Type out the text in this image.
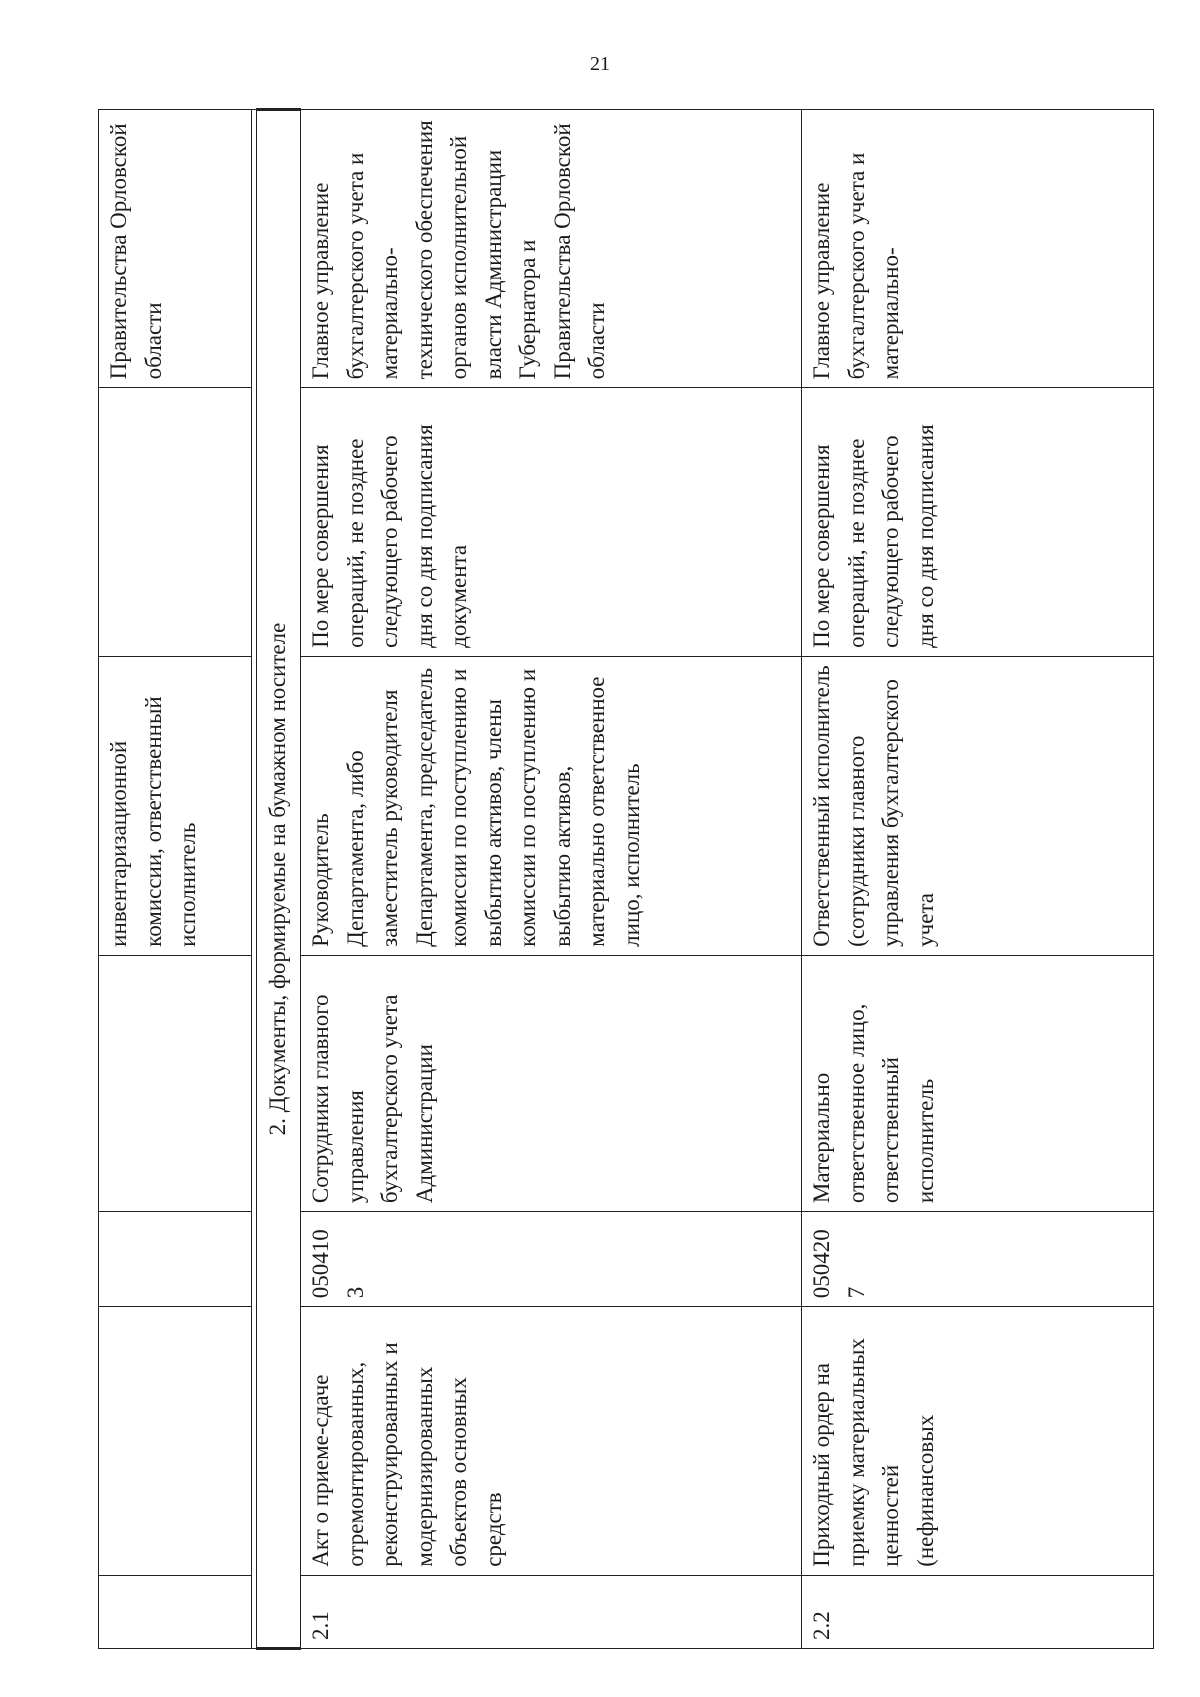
21
				инвентаризационной комиссии, ответственный исполнитель		Правительства Орловской области

2. Документы, формируемые на бумажном носителе						
2.1	Акт о приеме-сдаче отремонтированных, реконструированных и модернизированных объектов основных средств	0504103	Сотрудники главного управления бухгалтерского учета Администрации	Руководитель Департамента, либо заместитель руководителя Департамента, председатель комиссии по поступлению и выбытию активов, члены комиссии по поступлению и выбытию активов, материально ответственное лицо, исполнитель	По мере совершения операций, не позднее следующего рабочего дня со дня подписания документа	Главное управление бухгалтерского учета и материально-технического обеспечения органов исполнительной власти Администрации Губернатора и Правительства Орловской области
2.2	Приходный ордер на приемку материальных ценностей (нефинансовых	0504207	Материально ответственное лицо, ответственный исполнитель	Ответственный исполнитель (сотрудники главного управления бухгалтерского учета	По мере совершения операций, не позднее следующего рабочего дня со дня подписания	Главное управление бухгалтерского учета и материально-
